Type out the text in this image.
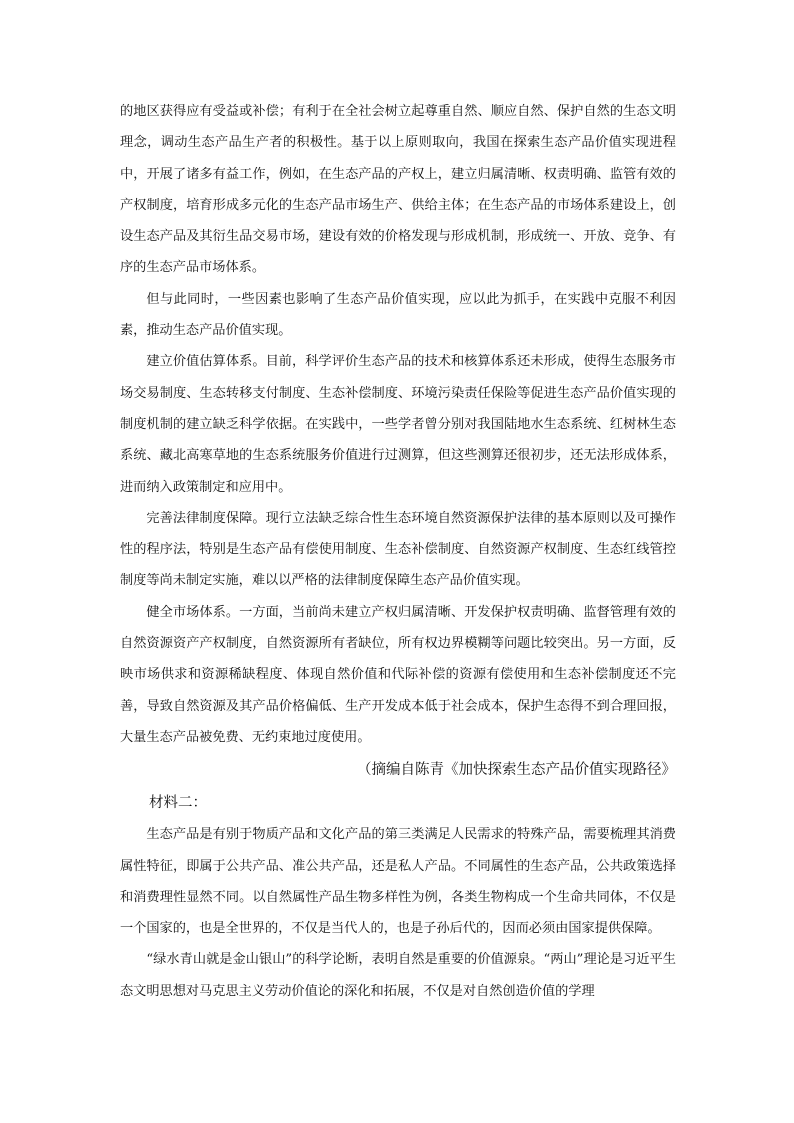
的地区获得应有受益或补偿；有利于在全社会树立起尊重自然、顺应自然、保护自然的生态文明理念，调动生态产品生产者的积极性。基于以上原则取向，我国在探索生态产品价值实现进程中，开展了诸多有益工作，例如，在生态产品的产权上，建立归属清晰、权责明确、监管有效的产权制度，培育形成多元化的生态产品市场生产、供给主体；在生态产品的市场体系建设上，创设生态产品及其衍生品交易市场，建设有效的价格发现与形成机制，形成统一、开放、竞争、有序的生态产品市场体系。

但与此同时，一些因素也影响了生态产品价值实现，应以此为抓手，在实践中克服不利因素，推动生态产品价值实现。

建立价值估算体系。目前，科学评价生态产品的技术和核算体系还未形成，使得生态服务市场交易制度、生态转移支付制度、生态补偿制度、环境污染责任保险等促进生态产品价值实现的制度机制的建立缺乏科学依据。在实践中，一些学者曾分别对我国陆地水生态系统、红树林生态系统、藏北高寒草地的生态系统服务价值进行过测算，但这些测算还很初步，还无法形成体系，进而纳入政策制定和应用中。

完善法律制度保障。现行立法缺乏综合性生态环境自然资源保护法律的基本原则以及可操作性的程序法，特别是生态产品有偿使用制度、生态补偿制度、自然资源产权制度、生态红线管控制度等尚未制定实施，难以以严格的法律制度保障生态产品价值实现。

健全市场体系。一方面，当前尚未建立产权归属清晰、开发保护权责明确、监督管理有效的自然资源资产产权制度，自然资源所有者缺位，所有权边界模糊等问题比较突出。另一方面，反映市场供求和资源稀缺程度、体现自然价值和代际补偿的资源有偿使用和生态补偿制度还不完善，导致自然资源及其产品价格偏低、生产开发成本低于社会成本，保护生态得不到合理回报，大量生态产品被免费、无约束地过度使用。

（摘编自陈青《加快探索生态产品价值实现路径》

材料二：

生态产品是有别于物质产品和文化产品的第三类满足人民需求的特殊产品，需要梳理其消费属性特征，即属于公共产品、准公共产品，还是私人产品。不同属性的生态产品，公共政策选择和消费理性显然不同。以自然属性产品生物多样性为例，各类生物构成一个生命共同体，不仅是一个国家的，也是全世界的，不仅是当代人的，也是子孙后代的，因而必须由国家提供保障。

“绿水青山就是金山银山”的科学论断，表明自然是重要的价值源泉。“两山”理论是习近平生态文明思想对马克思主义劳动价值论的深化和拓展，不仅是对自然创造价值的学理
